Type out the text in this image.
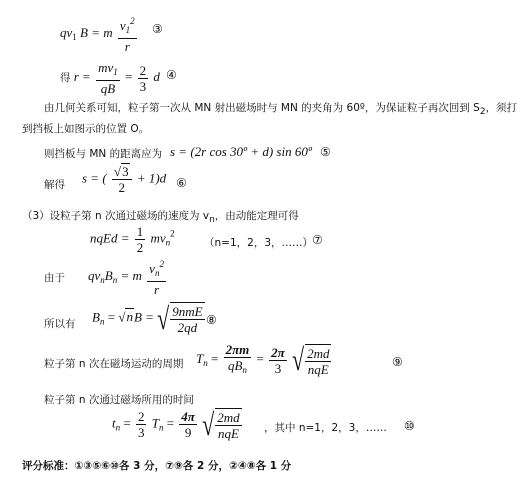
$qv_1$ B = m $\frac{v_1^2}{r}$ ③
得 $r = \frac{mv_1}{qB} = \frac{2}{3}$ d ④
由几何关系可知，粒子第一次从 MN 射出磁场时与 MN 的夹角为 60º，为保证粒子再次回到 S2，须打
到挡板上如图示的位置 O。
则挡板与 MN 的距离应为 s = (2r cos 30º + d) sin 60º ⑤
解得 s = ( $\frac{√3}{2} + 1)d$ ⑥
（3）设粒子第 n 次通过磁场的速度为 vn，由动能定理可得
nqEd = $\frac{1}{2} mv_n^2$
（n=1，2，3，……） ⑦
由于 $qv_nB_n = m \frac{v_n^2}{r}$
所以有 $B_n = √nB$ = √ $\frac{\text{9nmE}}{2qd}$ ⑧
粒子第 n 次在磁场运动的周期 $T_n = \frac{2\pi m}{qB_n} = \frac{2\pi}{3}$
√ $\frac{2md}{\text{nqE}}$	⑨
粒子第 n 次通过磁场所用的时间
$t_n = \frac{2}{3} T_n = \frac{4\pi}{9}$
√ $\frac{2md}{\text{nqE}}$ ，其中 n=1，2，3，…… ⑩
评分标准：①③⑤⑥⑩各 3 分，⑦⑨各 2 分，②④⑧各 1 分
